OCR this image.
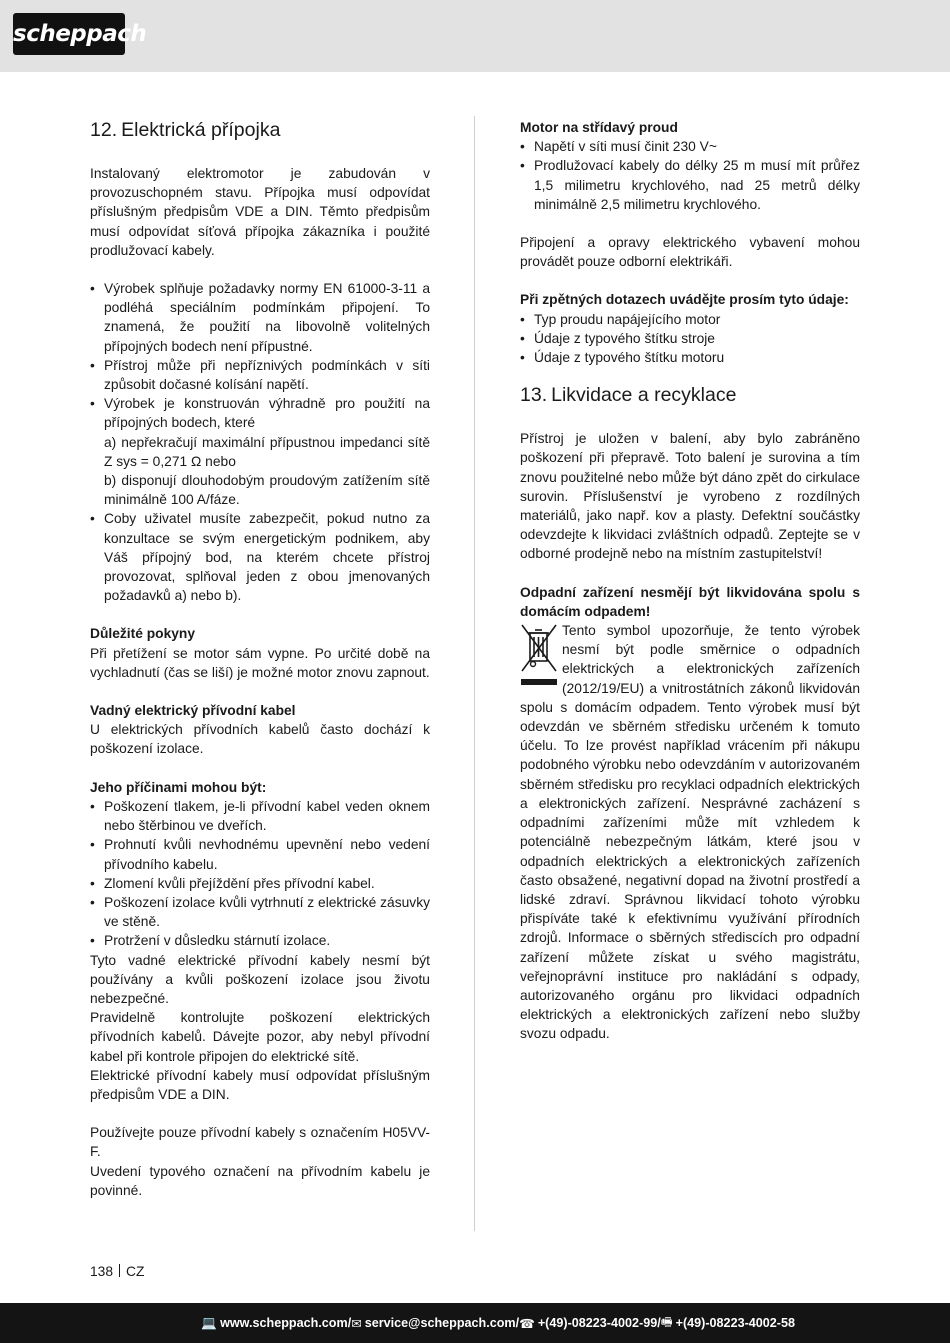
scheppach
12. Elektrická přípojka

Instalovaný elektromotor je zabudován v provozuschopném stavu. Přípojka musí odpovídat příslušným předpisům VDE a DIN. Těmto předpisům musí odpovídat síťová přípojka zákazníka i použité prodlužovací kabely.

• Výrobek splňuje požadavky normy EN 61000-3-11 a podléhá speciálním podmínkám připojení. To znamená, že použití na libovolně volitelných přípojných bodech není přípustné.
• Přístroj může při nepříznivých podmínkách v síti způsobit dočasné kolísání napětí.
• Výrobek je konstruován výhradně pro použití na přípojných bodech, které
a) nepřekračují maximální přípustnou impedanci sítě Z sys = 0,271 Ω nebo
b) disponují dlouhodobým proudovým zatížením sítě minimálně 100 A/fáze.
• Coby uživatel musíte zabezpečit, pokud nutno za konzultace se svým energetickým podnikem, aby Váš přípojný bod, na kterém chcete přístroj provozovat, splňoval jeden z obou jmenovaných požadavků a) nebo b).

Důležité pokyny

Při přetížení se motor sám vypne. Po určité době na vychladnutí (čas se liší) je možné motor znovu zapnout.

Vadný elektrický přívodní kabel

U elektrických přívodních kabelů často dochází k poškození izolace.

Jeho příčinami mohou být:

• Poškození tlakem, je-li přívodní kabel veden oknem nebo štěrbinou ve dveřích.
• Prohnutí kvůli nevhodnému upevnění nebo vedení přívodního kabelu.
• Zlomení kvůli přejíždění přes přívodní kabel.
• Poškození izolace kvůli vytrhnutí z elektrické zásuvky ve stěně.
• Protržení v důsledku stárnutí izolace.

Tyto vadné elektrické přívodní kabely nesmí být používány a kvůli poškození izolace jsou životu nebezpečné.

Pravidelně kontrolujte poškození elektrických přívodních kabelů. Dávejte pozor, aby nebyl přívodní kabel při kontrole připojen do elektrické sítě.

Elektrické přívodní kabely musí odpovídat příslušným předpisům VDE a DIN.

Používejte pouze přívodní kabely s označením H05VV-F.

Uvedení typového označení na přívodním kabelu je povinné.

Motor na střídavý proud

• Napětí v síti musí činit 230 V~
• Prodlužovací kabely do délky 25 m musí mít průřez 1,5 milimetru krychlového, nad 25 metrů délky minimálně 2,5 milimetru krychlového.

Připojení a opravy elektrického vybavení mohou provádět pouze odborní elektrikáři.

Při zpětných dotazech uvádějte prosím tyto údaje:

• Typ proudu napájejícího motor
• Údaje z typového štítku stroje
• Údaje z typového štítku motoru
13. Likvidace a recyklace

Přístroj je uložen v balení, aby bylo zabráněno poškození při přepravě. Toto balení je surovina a tím znovu použitelné nebo může být dáno zpět do cirkulace surovin. Příslušenství je vyrobeno z rozdílných materiálů, jako např. kov a plasty. Defektní součástky odevzdejte k likvidaci zvláštních odpadů. Zeptejte se v odborné prodejně nebo na místním zastupitelství!

Odpadní zařízení nesmějí být likvidována spolu s domácím odpadem!

Tento symbol upozorňuje, že tento výrobek nesmí být podle směrnice o odpadních elektrických a elektronických zařízeních (2012/19/EU) a vnitrostátních zákonů likvidován spolu s domácím odpadem. Tento výrobek musí být odevzdán ve sběrném středisku určeném k tomuto účelu. To lze provést například vrácením při nákupu podobného výrobku nebo odevzdáním v autorizovaném sběrném středisku pro recyklaci odpadních elektrických a elektronických zařízení. Nesprávné zacházení s odpadními zařízeními může mít vzhledem k potenciálně nebezpečným látkám, které jsou v odpadních elektrických a elektronických zařízeních často obsažené, negativní dopad na životní prostředí a lidské zdraví. Správnou likvidací tohoto výrobku přispíváte také k efektivnímu využívání přírodních zdrojů. Informace o sběrných střediscích pro odpadní zařízení můžete získat u svého magistrátu, veřejnoprávní instituce pro nakládání s odpady, autorizovaného orgánu pro likvidaci odpadních elektrických a elektronických zařízení nebo služby svozu odpadu.

138 CZ
💻 www.scheppach.com / ✉ service@scheppach.com / ☎ +(49)-08223-4002-99 / 🖷 +(49)-08223-4002-58
